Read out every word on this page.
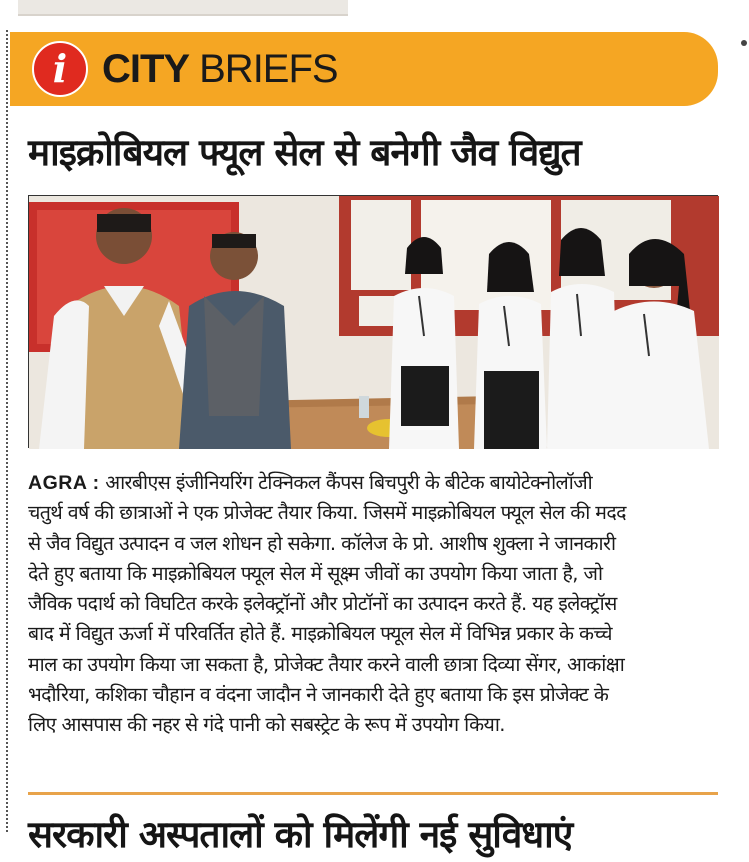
i CITY BRIEFS
माइक्रोबियल फ्यूल सेल से बनेगी जैव विद्युत
AGRA : आरबीएस इंजीनियरिंग टेक्निकल कैंपस बिचपुरी के बीटेक बायोटेक्नोलॉजी
चतुर्थ वर्ष की छात्राओं ने एक प्रोजेक्ट तैयार किया. जिसमें माइक्रोबियल फ्यूल सेल की मदद
से जैव विद्युत उत्पादन व जल शोधन हो सकेगा. कॉलेज के प्रो. आशीष शुक्ला ने जानकारी
देते हुए बताया कि माइक्रोबियल फ्यूल सेल में सूक्ष्म जीवों का उपयोग किया जाता है, जो
जैविक पदार्थ को विघटित करके इलेक्ट्रॉनों और प्रोटॉनों का उत्पादन करते हैं. यह इलेक्ट्रॉस
बाद में विद्युत ऊर्जा में परिवर्तित होते हैं. माइक्रोबियल फ्यूल सेल में विभिन्न प्रकार के कच्चे
माल का उपयोग किया जा सकता है, प्रोजेक्ट तैयार करने वाली छात्रा दिव्या सेंगर, आकांक्षा
भदौरिया, कशिका चौहान व वंदना जादौन ने जानकारी देते हुए बताया कि इस प्रोजेक्ट के
लिए आसपास की नहर से गंदे पानी को सबस्ट्रेट के रूप में उपयोग किया.
सरकारी अस्पतालों को मिलेंगी नई सुविधाएं
